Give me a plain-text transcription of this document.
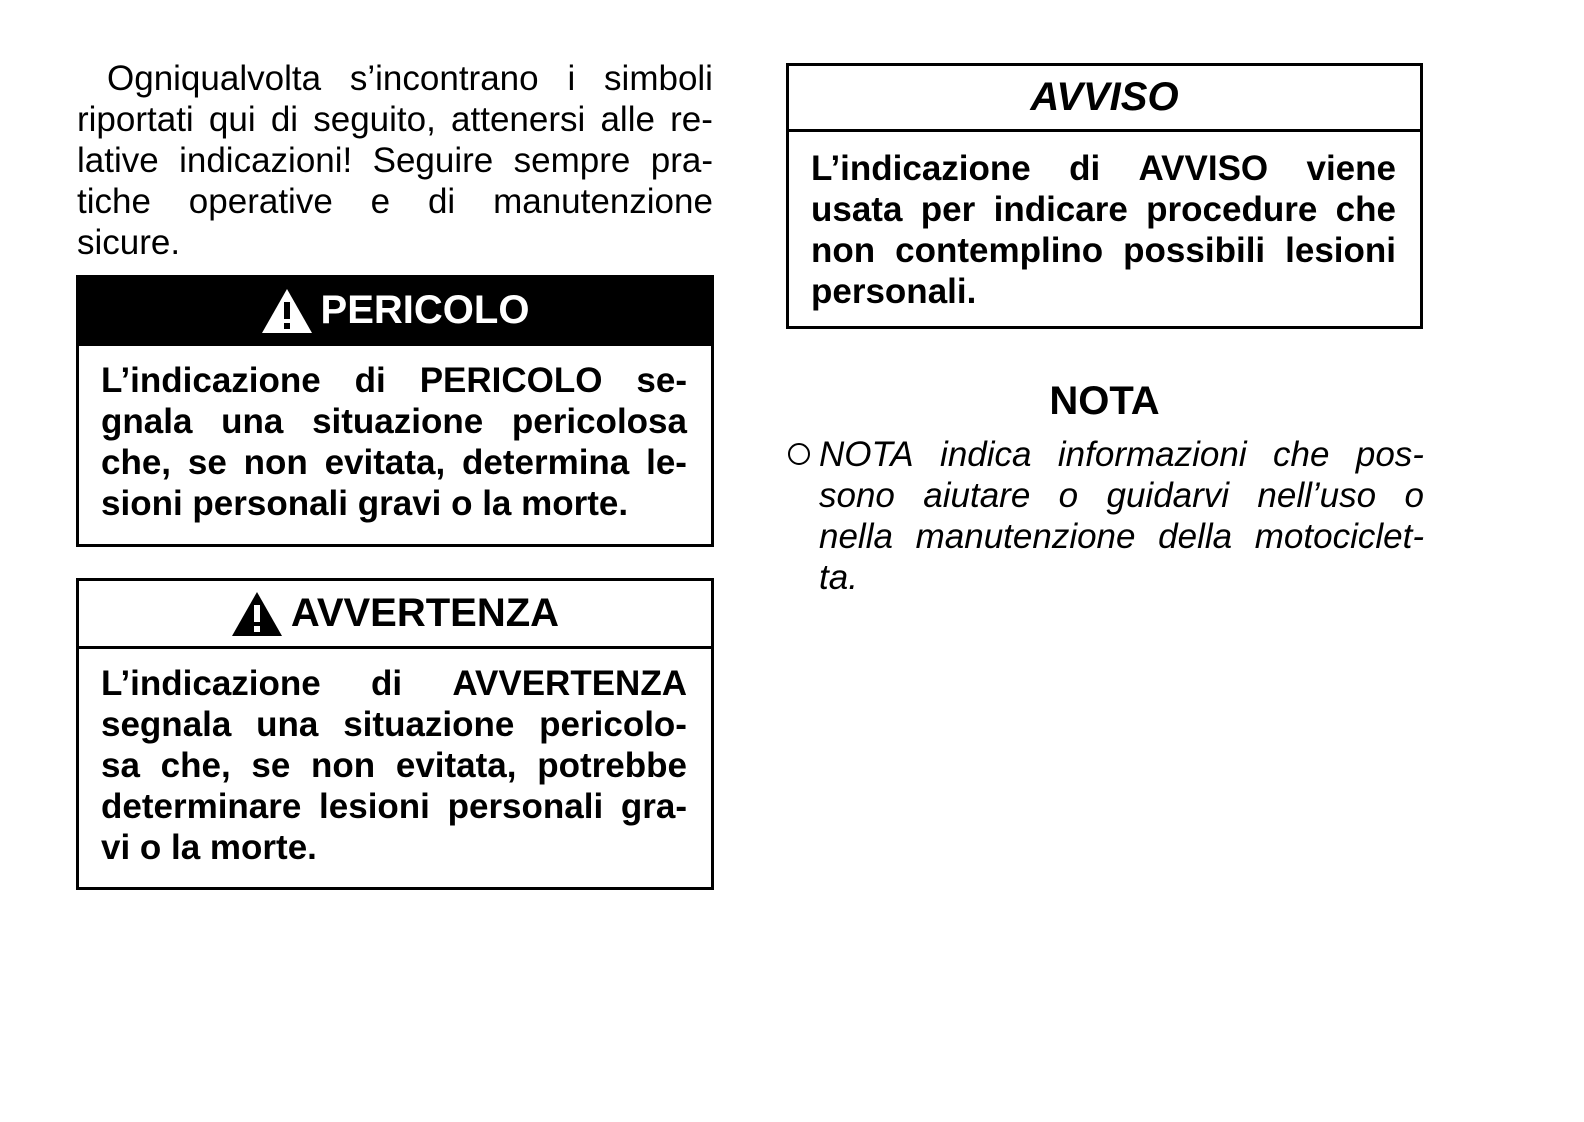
Ogniqualvolta s’incontrano i simboli
riportati qui di seguito, attenersi alle re-
lative indicazioni! Seguire sempre pra-
tiche operative e di manutenzione
sicure.
PERICOLO
L’indicazione di PERICOLO se-
gnala una situazione pericolosa
che, se non evitata, determina le-
sioni personali gravi o la morte.
AVVERTENZA
L’indicazione di AVVERTENZA
segnala una situazione pericolo-
sa che, se non evitata, potrebbe
determinare lesioni personali gra-
vi o la morte.
AVVISO
L’indicazione di AVVISO viene
usata per indicare procedure che
non contemplino possibili lesioni
personali.
NOTA
NOTA indica informazioni che pos-
sono aiutare o guidarvi nell’uso o
nella manutenzione della motociclet-
ta.
